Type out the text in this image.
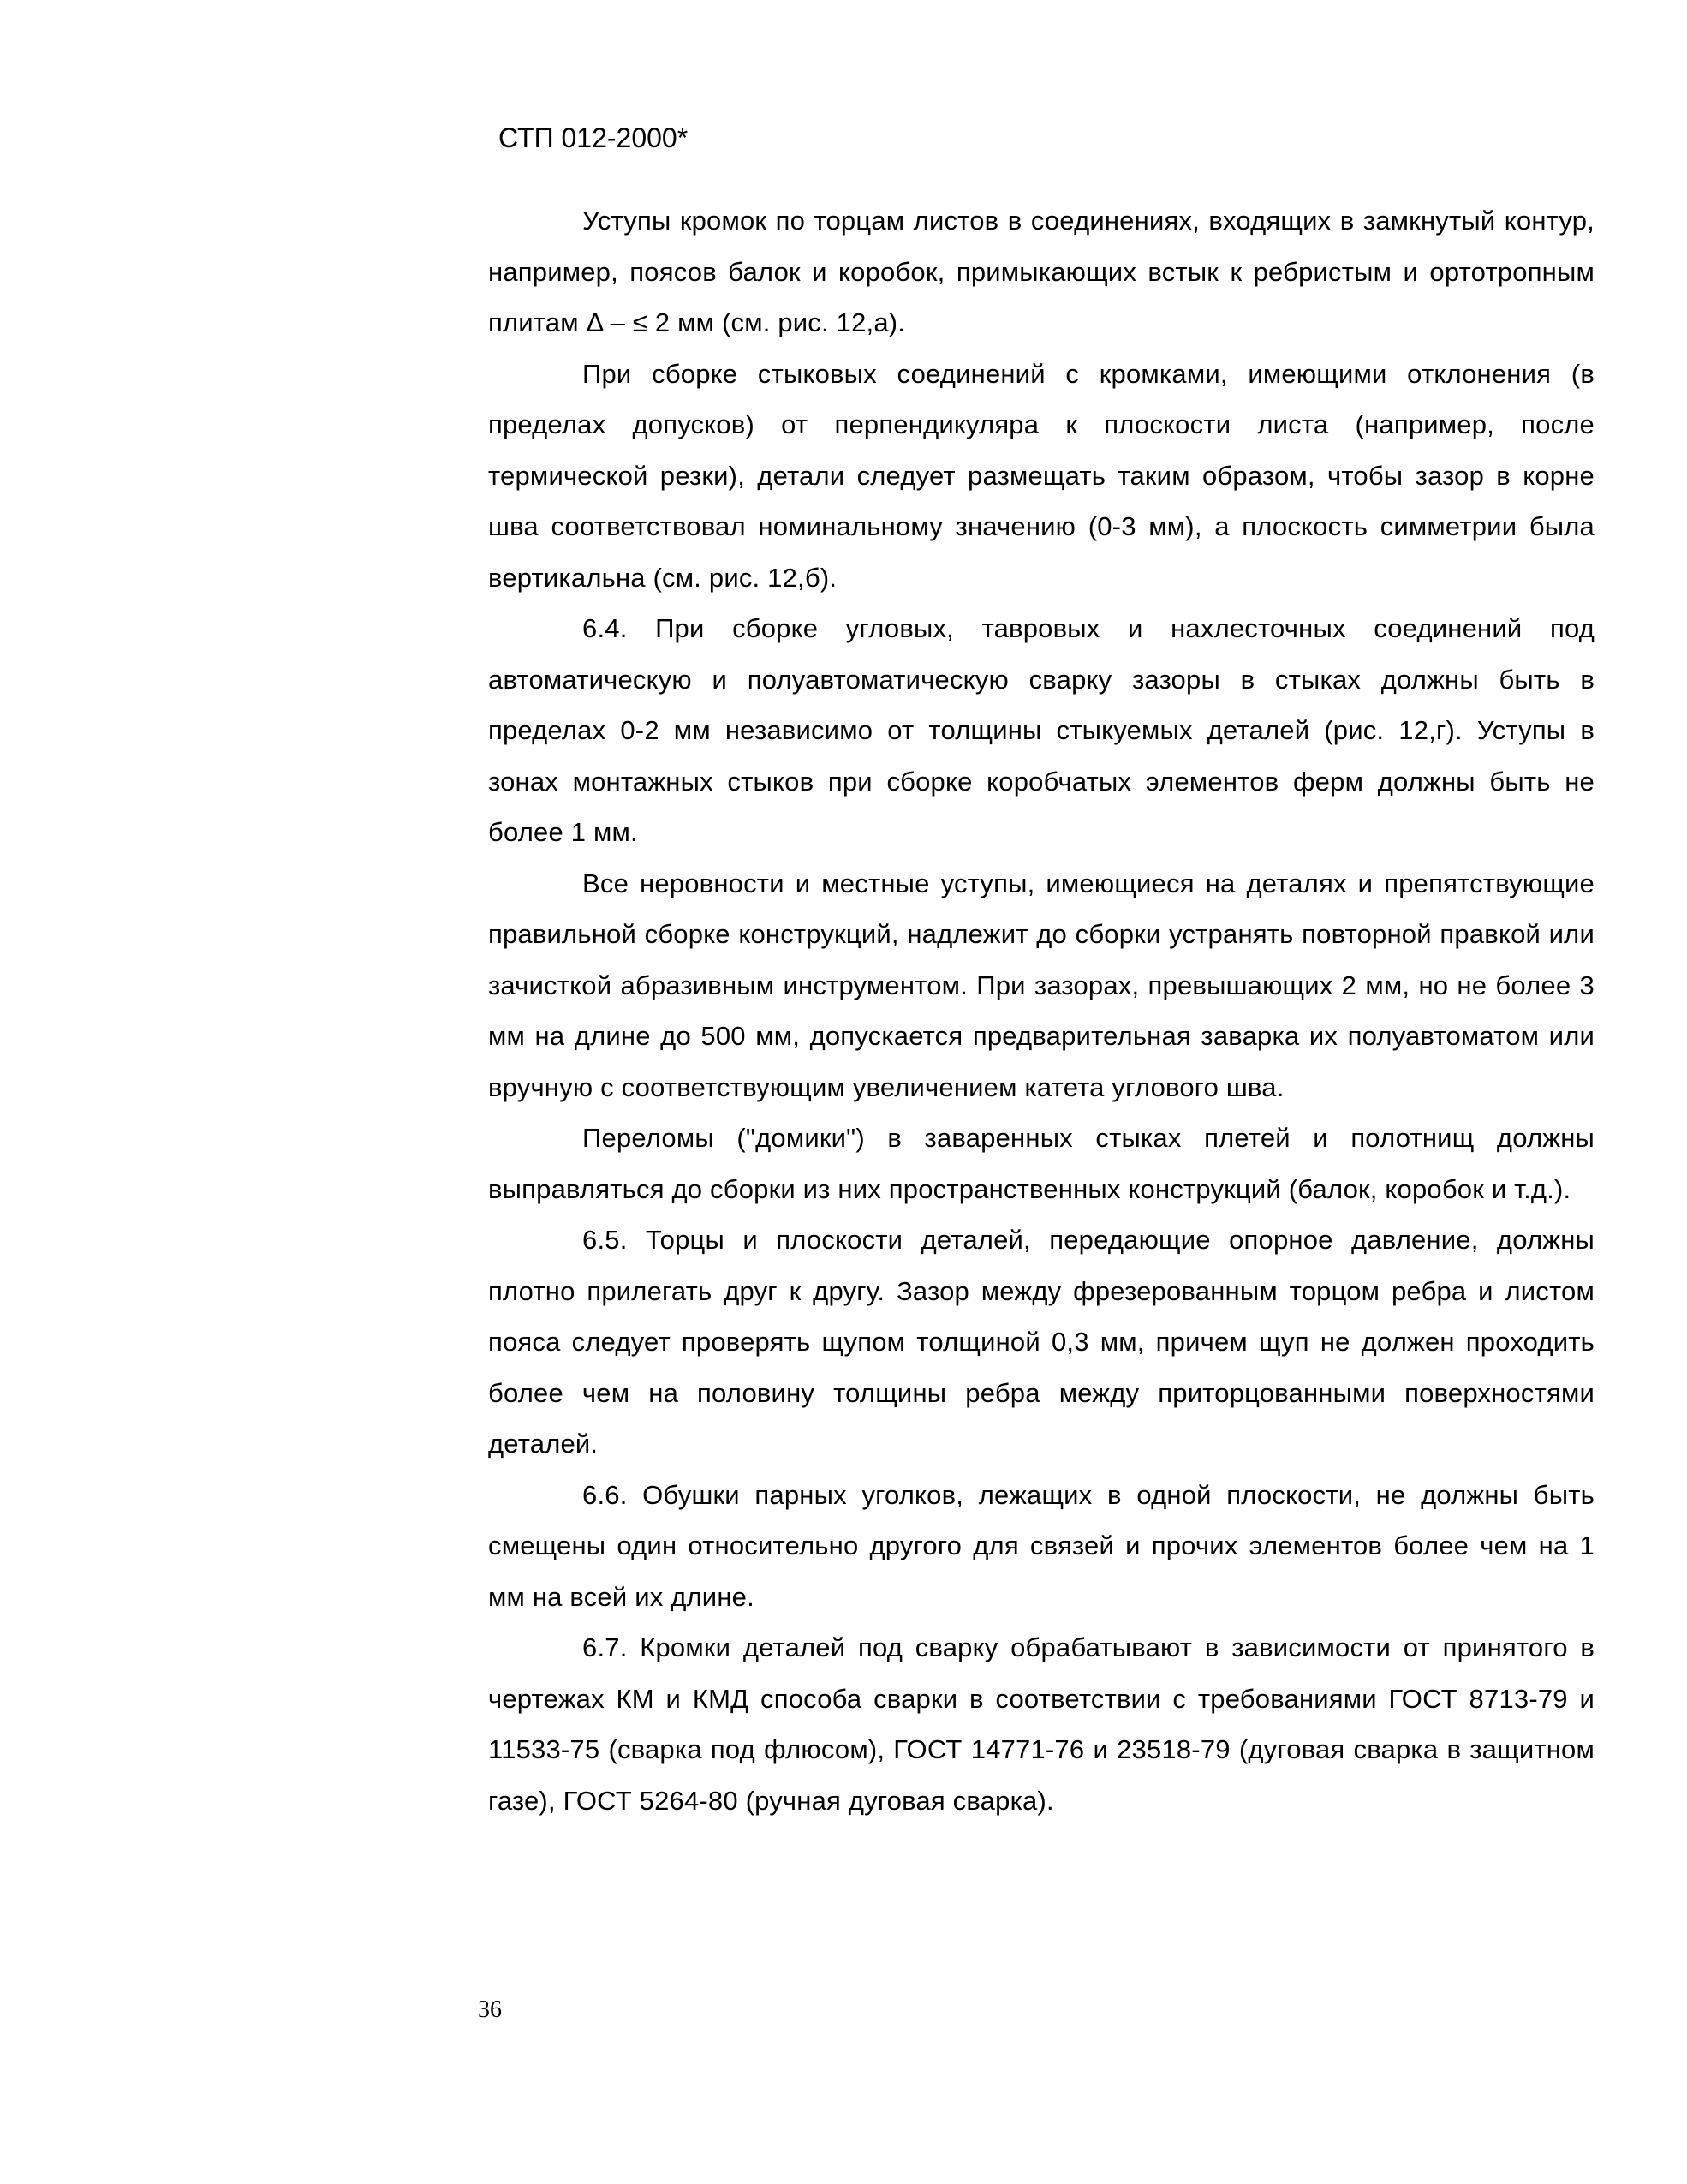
СТП 012-2000*

Уступы кромок по торцам листов в соединениях, входящих в замкнутый контур, например, поясов балок и коробок, примыкающих встык к ребристым и ортотропным плитам Δ – ≤ 2 мм (см. рис. 12,а).

При сборке стыковых соединений с кромками, имеющими отклонения (в пределах допусков) от перпендикуляра к плоскости листа (например, после термической резки), детали следует размещать таким образом, чтобы зазор в корне шва соответствовал номинальному значению (0-3 мм), а плоскость симметрии была вертикальна (см. рис. 12,б).

6.4. При сборке угловых, тавровых и нахлесточных соединений под автоматическую и полуавтоматическую сварку зазоры в стыках должны быть в пределах 0-2 мм независимо от толщины стыкуемых деталей (рис. 12,г). Уступы в зонах монтажных стыков при сборке коробчатых элементов ферм должны быть не более 1 мм.

Все неровности и местные уступы, имеющиеся на деталях и препятствующие правильной сборке конструкций, надлежит до сборки устранять повторной правкой или зачисткой абразивным инструментом. При зазорах, превышающих 2 мм, но не более 3 мм на длине до 500 мм, допускается предварительная заварка их полуавтоматом или вручную с соответствующим увеличением катета углового шва.

Переломы ("домики") в заваренных стыках плетей и полотнищ должны выправляться до сборки из них пространственных конструкций (балок, коробок и т.д.).

6.5. Торцы и плоскости деталей, передающие опорное давление, должны плотно прилегать друг к другу. Зазор между фрезерованным торцом ребра и листом пояса следует проверять щупом толщиной 0,3 мм, причем щуп не должен проходить более чем на половину толщины ребра между приторцованными поверхностями деталей.

6.6. Обушки парных уголков, лежащих в одной плоскости, не должны быть смещены один относительно другого для связей и прочих элементов более чем на 1 мм на всей их длине.

6.7. Кромки деталей под сварку обрабатывают в зависимости от принятого в чертежах КМ и КМД способа сварки в соответствии с требованиями ГОСТ 8713-79 и 11533-75 (сварка под флюсом), ГОСТ 14771-76 и 23518-79 (дуговая сварка в защитном газе), ГОСТ 5264-80 (ручная дуговая сварка).

36
